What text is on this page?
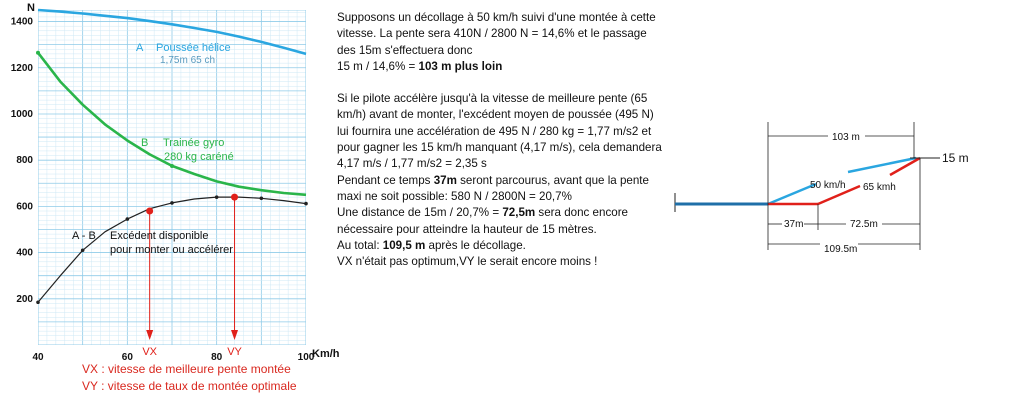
40	60	80	100
200
400
600
800
1000
1200
1400
N
Km/h
VX	VY
A Poussée hélice
1,75m 65 ch
B Trainée gyro
280 kg caréné
A - B Excédent disponible
pour monter ou accélérer
VX : vitesse de meilleure pente montée
VY : vitesse de taux de montée optimale

Supposons un décollage à 50 km/h suivi d'une montée à cette vitesse. La pente sera 410N / 2800 N = 14,6% et le passage des 15m s'effectuera donc
15 m / 14,6% = 103 m plus loin

Si le pilote accélère jusqu'à la vitesse de meilleure pente (65 km/h) avant de monter, l'excédent moyen de poussée (495 N) lui fournira une accélération de 495 N / 280 kg = 1,77 m/s2 et pour gagner les 15 km/h manquant (4,17 m/s), cela demandera
4,17 m/s / 1,77 m/s2 = 2,35 s
Pendant ce temps 37m seront parcourus, avant que la pente maxi ne soit possible: 580 N / 2800N = 20,7%
Une distance de 15m / 20,7% = 72,5m sera donc encore nécessaire pour atteindre la hauteur de 15 mètres.
Au total: 109,5 m après le décollage.
VX n'était pas optimum,VY le serait encore moins !

15 m
103 m
50 km/h 65 kmh
37m	72.5m
109.5m
